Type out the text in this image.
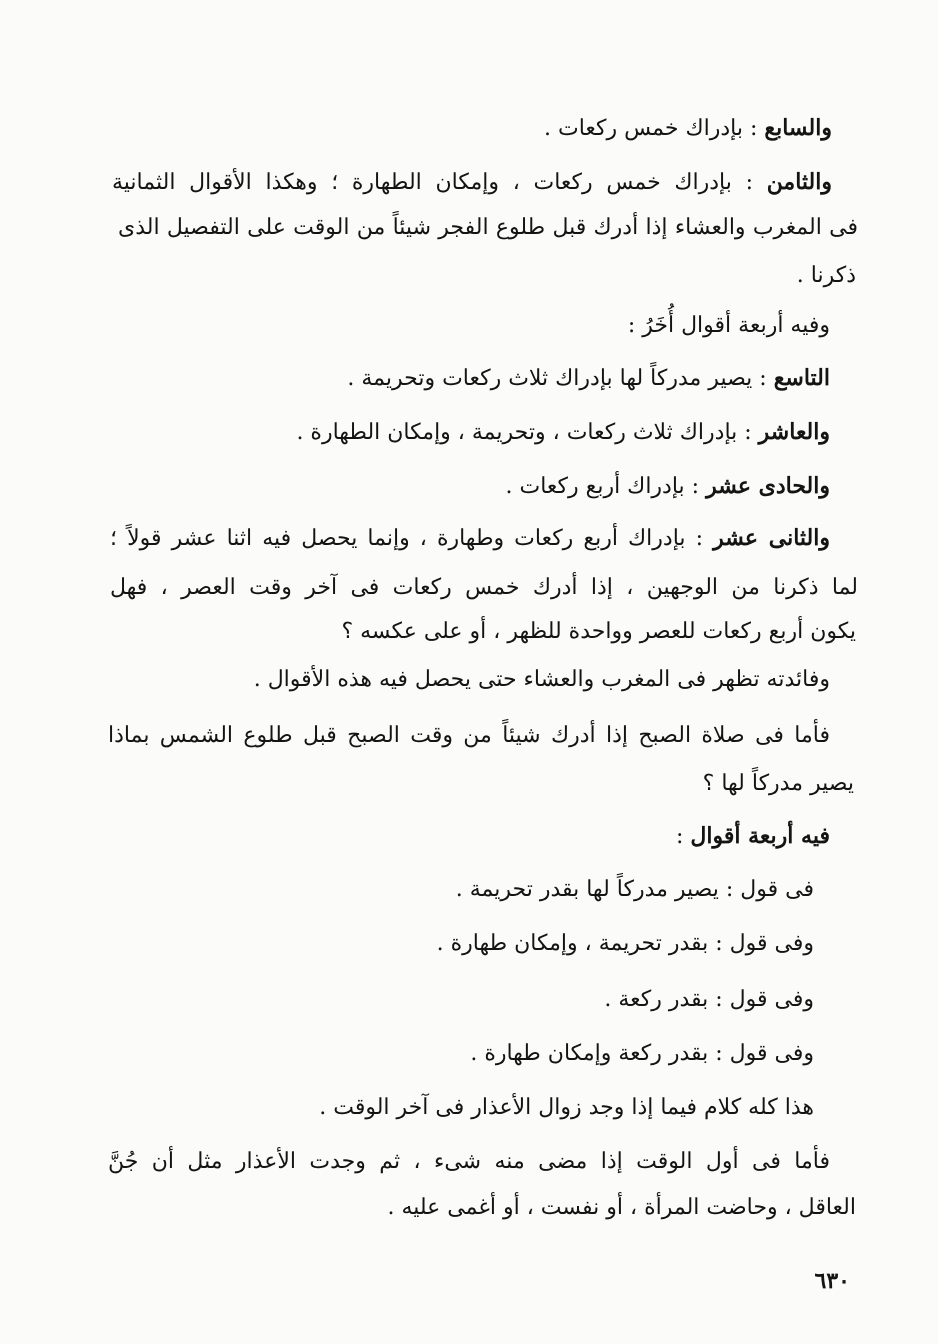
والسابع : بإدراك خمس ركعات .
والثامن : بإدراك خمس ركعات ، وإمكان الطهارة ؛ وهكذا الأقوال الثمانية
فى المغرب والعشاء إذا أدرك قبل طلوع الفجر شيئاً من الوقت على التفصيل الذى
ذكرنا .
وفيه أربعة أقوال أُخَرُ :
التاسع : يصير مدركاً لها بإدراك ثلاث ركعات وتحريمة .
والعاشر : بإدراك ثلاث ركعات ، وتحريمة ، وإمكان الطهارة .
والحادى عشر : بإدراك أربع ركعات .
والثانى عشر : بإدراك أربع ركعات وطهارة ، وإنما يحصل فيه اثنا عشر قولاً ؛
لما ذكرنا من الوجهين ، إذا أدرك خمس ركعات فى آخر وقت العصر ، فهل
يكون أربع ركعات للعصر وواحدة للظهر ، أو على عكسه ؟
وفائدته تظهر فى المغرب والعشاء حتى يحصل فيه هذه الأقوال .
فأما فى صلاة الصبح إذا أدرك شيئاً من وقت الصبح قبل طلوع الشمس بماذا
يصير مدركاً لها ؟
فيه أربعة أقوال :
فى قول : يصير مدركاً لها بقدر تحريمة .
وفى قول : بقدر تحريمة ، وإمكان طهارة .
وفى قول : بقدر ركعة .
وفى قول : بقدر ركعة وإمكان طهارة .
هذا كله كلام فيما إذا وجد زوال الأعذار فى آخر الوقت .
فأما فى أول الوقت إذا مضى منه شىء ، ثم وجدت الأعذار مثل أن جُنَّ
العاقل ، وحاضت المرأة ، أو نفست ، أو أغمى عليه .
٦٣٠
